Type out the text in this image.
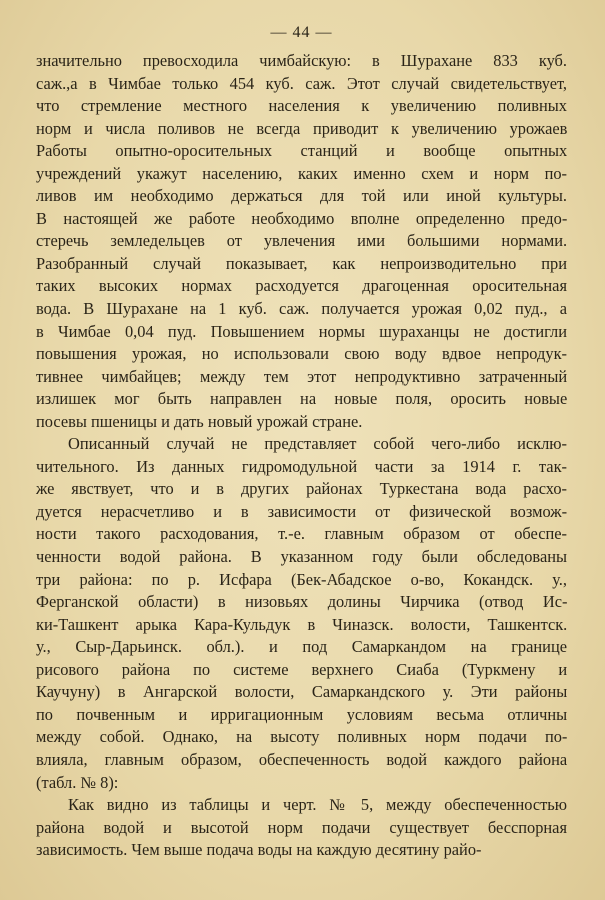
— 44 —

значительно превосходила чимбайскую: в Шурахане 833 куб.
саж.,а в Чимбае только 454 куб. саж. Этот случай свидетельствует,
что стремление местного населения к увеличению поливных
норм и числа поливов не всегда приводит к увеличению урожаев
Работы опытно-оросительных станций и вообще опытных
учреждений укажут населению, каких именно схем и норм по-
ливов им необходимо держаться для той или иной культуры.
В настоящей же работе необходимо вполне определенно предо-
стеречь земледельцев от увлечения ими большими нормами.
Разобранный случай показывает, как непроизводительно при
таких высоких нормах расходуется драгоценная оросительная
вода. В Шурахане на 1 куб. саж. получается урожая 0,02 пуд., а
в Чимбае 0,04 пуд. Повышением нормы шураханцы не достигли
повышения урожая, но использовали свою воду вдвое непродук-
тивнее чимбайцев; между тем этот непродуктивно затраченный
излишек мог быть направлен на новые поля, оросить новые
посевы пшеницы и дать новый урожай стране.

Описанный случай не представляет собой чего-либо исклю-
чительного. Из данных гидромодульной части за 1914 г. так-
же явствует, что и в других районах Туркестана вода расхо-
дуется нерасчетливо и в зависимости от физической возмож-
ности такого расходования, т.-е. главным образом от обеспе-
ченности водой района. В указанном году были обследованы
три района: по р. Исфара (Бек-Абадское о-во, Кокандск. у.,
Ферганской области) в низовьях долины Чирчика (отвод Ис-
ки-Ташкент арыка Кара-Кульдук в Чиназск. волости, Ташкентск.
у., Сыр-Дарьинск. обл.). и под Самаркандом на границе
рисового района по системе верхнего Сиаба (Туркмену и
Каучуну) в Ангарской волости, Самаркандского у. Эти районы
по почвенным и ирригационным условиям весьма отличны
между собой. Однако, на высоту поливных норм подачи по-
влияла, главным образом, обеспеченность водой каждого района
(табл. № 8):

Как видно из таблицы и черт. № 5, между обеспеченностью
района водой и высотой норм подачи существует бесспорная
зависимость. Чем выше подача воды на каждую десятину райо-
